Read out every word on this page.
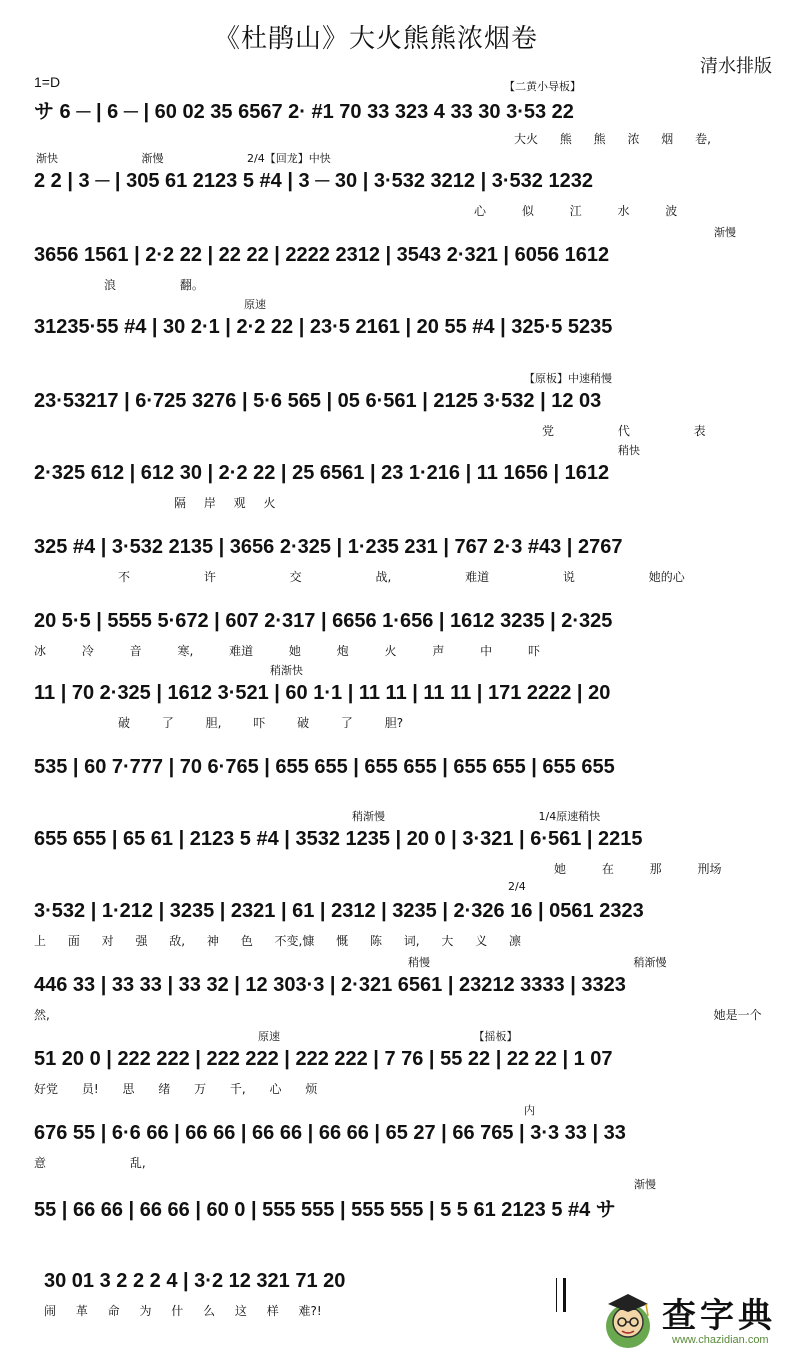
《杜鹃山》大火熊熊浓烟卷
清水排版
1=D	【二黄小导板】
サ 6 ─ | 6 ─ | 60 02 35 6567 2· #1 70 33 323 4 33 30 3·53 22
大火 熊 熊 浓 烟 卷,
渐快 渐慢 2/4【回龙】中快
2 2 | 3 ─ | 305 61 2123 5 #4 | 3 ─ 30 | 3·532 3212 | 3·532 1232
心 似 江 水 波
渐慢
3656 1561 | 2·2 22 | 22 22 | 2222 2312 | 3543 2·321 | 6056 1612
浪 翻。
原速
31235·55 #4 | 30 2·1 | 2·2 22 | 23·5 2161 | 20 55 #4 | 325·5 5235
【原板】中速稍慢
23·53217 | 6·725 3276 | 5·6 565 | 05 6·561 | 2125 3·532 | 12 03
党 代 表
稍快
2·325 612 | 612 30 | 2·2 22 | 25 6561 | 23 1·216 | 11 1656 | 1612
隔 岸 观 火
325 #4 | 3·532 2135 | 3656 2·325 | 1·235 231 | 767 2·3 #43 | 2767
不 许 交 战, 难道 说 她的心
20 5·5 | 5555 5·672 | 607 2·317 | 6656 1·656 | 1612 3235 | 2·325
冰 冷 音 寒, 难道 她 炮 火 声 中 吓
稍渐快
11 | 70 2·325 | 1612 3·521 | 60 1·1 | 11 11 | 11 11 | 171 2222 | 20
破 了 胆, 吓 破 了 胆?
535 | 60 7·777 | 70 6·765 | 655 655 | 655 655 | 655 655 | 655 655
稍渐慢 1/4原速稍快
655 655 | 65 61 | 2123 5 #4 | 3532 1235 | 20 0 | 3·321 | 6·561 | 2215
她 在 那 刑场
2/4
3·532 | 1·212 | 3235 | 2321 | 61 | 2312 | 3235 | 2·326 16 | 0561 2323
上 面 对 强 敌, 神 色 不变,慷 慨 陈 词, 大 义 凛
稍慢 稍渐慢
446 33 | 33 33 | 33 32 | 12 303·3 | 2·321 6561 | 23212 3333 | 3323
然, 她是一个
原速 【摇板】
51 20 0 | 222 222 | 222 222 | 222 222 | 7 76 | 55 22 | 22 22 | 1 07
好党 员! 思 绪 万 千, 心 烦
内
676 55 | 6·6 66 | 66 66 | 66 66 | 66 66 | 65 27 | 66 765 | 3·3 33 | 33
意 乱,
渐慢
55 | 66 66 | 66 66 | 60 0 | 555 555 | 555 555 | 5 5 61 2123 5 #4 サ
30 01 3 2 2 2 4 | 3·2 12 321 71 20
闹 革 命 为 什 么 这 样 难?!	查字典
www.chazidian.com
